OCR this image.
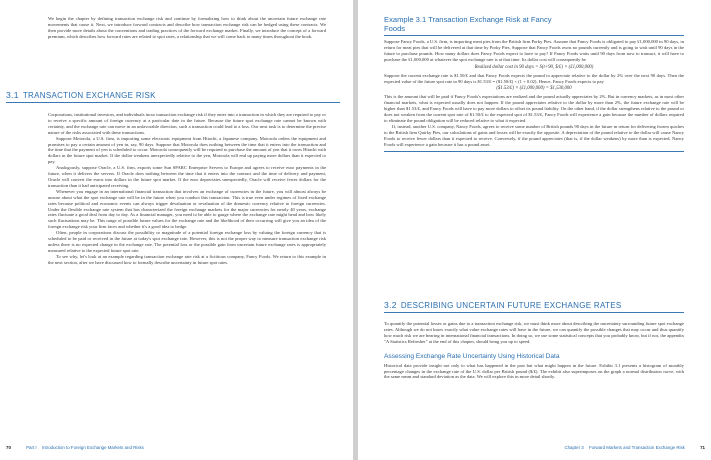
We begin the chapter by defining transaction exchange risk and continue by formalizing how to think about the uncertain future exchange rate movements that cause it. Next, we introduce forward contracts and describe how transaction exchange risk can be hedged using these contracts. We then provide more details about the conventions and trading practices of the forward exchange market. Finally, we introduce the concept of a forward premium, which describes how forward rates are related to spot rates, a relationship that we will come back to many times throughout the book.

3.1 TRANSACTION EXCHANGE RISK

Corporations, institutional investors, and individuals incur transaction exchange risk if they enter into a transaction in which they are required to pay or to receive a specific amount of foreign currency at a particular date in the future. Because the future spot exchange rate cannot be known with certainty, and the exchange rate can move in an unfavorable direction, such a transaction could lead to a loss. Our next task is to determine the precise nature of the risks associated with these transactions.

Suppose Motorola, a U.S. firm, is importing some electronic equipment from Hitachi, a Japanese company. Motorola orders the equipment and promises to pay a certain amount of yen in, say, 90 days. Suppose that Motorola does nothing between the time that it enters into the transaction and the time that the payment of yen is scheduled to occur. Motorola consequently will be required to purchase the amount of yen that it owes Hitachi with dollars in the future spot market. If the dollar weakens unexpectedly relative to the yen, Motorola will end up paying more dollars than it expected to pay.

Analogously, suppose Oracle, a U.S. firm, exports some Sun SPARC Enterprise Servers to Europe and agrees to receive euro payments in the future, when it delivers the servers. If Oracle does nothing between the time that it enters into the contract and the time of delivery and payment, Oracle will convert the euros into dollars in the future spot market. If the euro depreciates unexpectedly, Oracle will receive fewer dollars for the transaction than it had anticipated receiving.

Whenever you engage in an international financial transaction that involves an exchange of currencies in the future, you will almost always be unsure about what the spot exchange rate will be in the future when you conduct this transaction. This is true even under regimes of fixed exchange rates because political and economic events can always trigger devaluation or revaluation of the domestic currency relative to foreign currencies. Under the flexible exchange rate system that has characterized the foreign exchange markets for the major currencies for nearly 40 years, exchange rates fluctuate a good deal from day to day. As a financial manager, you need to be able to gauge where the exchange rate might head and how likely such fluctuations may be. This range of possible future values for the exchange rate and the likelihood of their occurring will give you an idea of the foreign exchange risk your firm faces and whether it's a good idea to hedge.

Often, people in corporations discuss the possibility or magnitude of a potential foreign exchange loss by valuing the foreign currency that is scheduled to be paid or received in the future at today's spot exchange rate. However, this is not the proper way to measure transaction exchange risk unless there is no expected change in the exchange rate. The potential loss or the possible gain from uncertain future exchange rates is appropriately measured relative to the expected future spot rate.

To see why, let's look at an example regarding transaction exchange rate risk at a fictitious company, Fancy Foods. We return to this example in the next section, after we have discussed how to formally describe uncertainty in future spot rates.

70	Part I Introduction to Foreign Exchange Markets and Risks
Example 3.1 Transaction Exchange Risk at Fancy Foods

Suppose Fancy Foods, a U.S. firm, is importing meat pies from the British firm Porky Pies. Assume that Fancy Foods is obligated to pay £1,000,000 in 90 days, in return for meat pies that will be delivered at that time by Porky Pies. Suppose that Fancy Foods owns no pounds currently and is going to wait until 90 days in the future to purchase pounds. How many dollars does Fancy Foods expect to have to pay? If Fancy Foods waits until 90 days from now to transact, it will have to purchase the £1,000,000 at whatever the spot exchange rate is at that time. Its dollar cost will consequently be

Realized dollar cost in 90 days = S(t+90, $/£) × (£1,000,000)

Suppose the current exchange rate is $1.50/£ and that Fancy Foods expects the pound to appreciate relative to the dollar by 2% over the next 90 days. Then the expected value of the future spot rate in 90 days is $1.53/£ = ($1.50/£) × (1 + 0.02). Hence, Fancy Foods expects to pay

($1.53/£) × (£1,000,000) = $1,530,000

This is the amount that will be paid if Fancy Foods's expectations are realized and the pound actually appreciates by 2%. But in currency markets, as in most other financial markets, what is expected usually does not happen. If the pound appreciates relative to the dollar by more than 2%, the future exchange rate will be higher than $1.53/£, and Fancy Foods will have to pay more dollars to offset its pound liability. On the other hand, if the dollar strengthens relative to the pound or does not weaken from the current spot rate of $1.50/£ to the expected spot of $1.53/£, Fancy Foods will experience a gain because the number of dollars required to eliminate the pound obligation will be reduced relative to what it expected.

If, instead, another U.S. company, Nancy Foods, agrees to receive some number of British pounds 90 days in the future in return for delivering frozen quiches to the British firm Quirky Pies, our calculations of gains and losses will be exactly the opposite. A depreciation of the pound relative to the dollar will cause Nancy Foods to receive fewer dollars than it expected to receive. Conversely, if the pound appreciates (that is, if the dollar weakens) by more than is expected, Nancy Foods will experience a gain because it has a pound asset.

3.2 DESCRIBING UNCERTAIN FUTURE EXCHANGE RATES

To quantify the potential losses or gains due to a transaction exchange risk, we must think more about describing the uncertainty surrounding future spot exchange rates. Although we do not know exactly what value exchange rates will have in the future, we can quantify the possible changes that may occur and thus quantify how much risk we are bearing in international financial transactions. In doing so, we use some statistical concepts that you probably know, but if not, the appendix "A Statistics Refresher" at the end of this chapter, should bring you up to speed.

Assessing Exchange Rate Uncertainty Using Historical Data

Historical data provide insight not only to what has happened in the past but what might happen in the future. Exhibit 3.1 presents a histogram of monthly percentage changes in the exchange rate of the U.S. dollar per British pound ($/£). The exhibit also superimposes on the graph a normal distribution curve, with the same mean and standard deviation as the data. We will explore this in more detail shortly.

Chapter 3 Forward Markets and Transaction Exchange Risk	71
